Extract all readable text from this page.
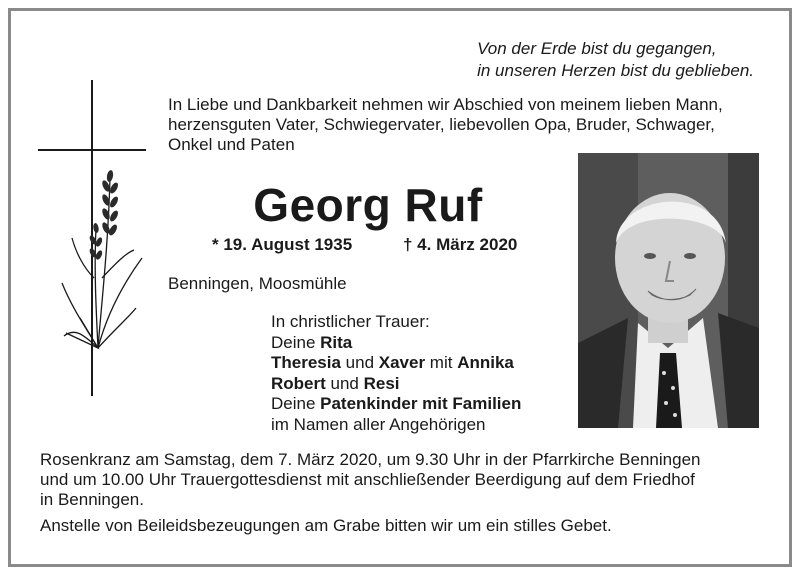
Von der Erde bist du gegangen,
in unseren Herzen bist du geblieben.
In Liebe und Dankbarkeit nehmen wir Abschied von meinem lieben Mann,
herzensguten Vater, Schwiegervater, liebevollen Opa, Bruder, Schwager,
Onkel und Paten
Georg Ruf
* 19. August 1935	† 4. März 2020
Benningen, Moosmühle
In christlicher Trauer:
Deine Rita
Theresia und Xaver mit Annika
Robert und Resi
Deine Patenkinder mit Familien
im Namen aller Angehörigen
Rosenkranz am Samstag, dem 7. März 2020, um 9.30 Uhr in der Pfarrkirche Benningen
und um 10.00 Uhr Trauergottesdienst mit anschließender Beerdigung auf dem Friedhof
in Benningen.
Anstelle von Beileidsbezeugungen am Grabe bitten wir um ein stilles Gebet.
